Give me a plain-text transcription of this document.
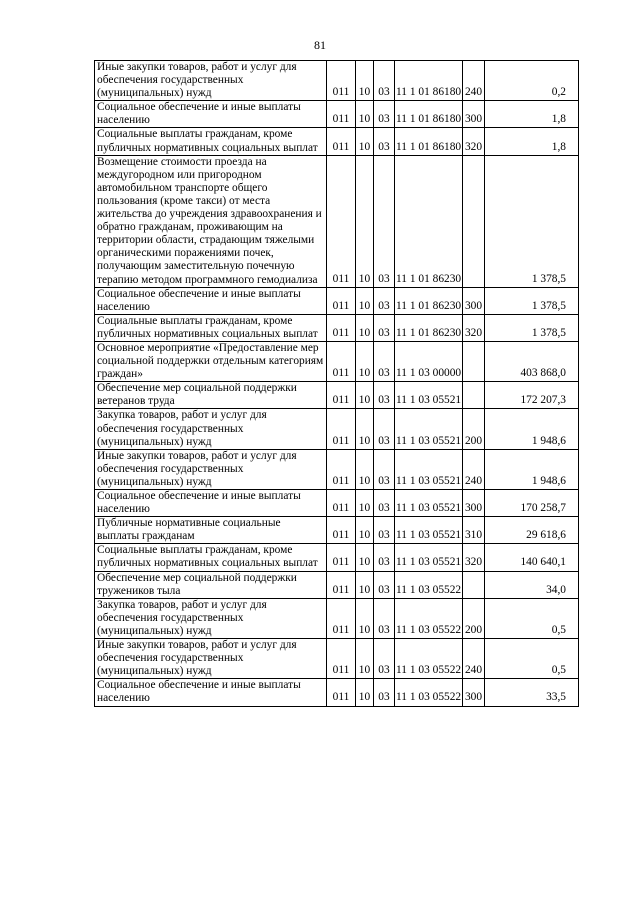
81
Иные закупки товаров, работ и услуг для обеспечения государственных (муниципальных) нужд	011	10	03	11 1 01 86180	240	0,2
Социальное обеспечение и иные выплаты населению	011	10	03	11 1 01 86180	300	1,8
Социальные выплаты гражданам, кроме публичных нормативных социальных выплат	011	10	03	11 1 01 86180	320	1,8
Возмещение стоимости проезда на междугородном или пригородном автомобильном транспорте общего пользования (кроме такси) от места жительства до учреждения здравоохранения и обратно гражданам, проживающим на территории области, страдающим тяжелыми органическими поражениями почек, получающим заместительную почечную терапию методом программного гемодиализа	011	10	03	11 1 01 86230		1 378,5
Социальное обеспечение и иные выплаты населению	011	10	03	11 1 01 86230	300	1 378,5
Социальные выплаты гражданам, кроме публичных нормативных социальных выплат	011	10	03	11 1 01 86230	320	1 378,5
Основное мероприятие «Предоставление мер социальной поддержки отдельным категориям граждан»	011	10	03	11 1 03 00000		403 868,0
Обеспечение мер социальной поддержки ветеранов труда	011	10	03	11 1 03 05521		172 207,3
Закупка товаров, работ и услуг для обеспечения государственных (муниципальных) нужд	011	10	03	11 1 03 05521	200	1 948,6
Иные закупки товаров, работ и услуг для обеспечения государственных (муниципальных) нужд	011	10	03	11 1 03 05521	240	1 948,6
Социальное обеспечение и иные выплаты населению	011	10	03	11 1 03 05521	300	170 258,7
Публичные нормативные социальные выплаты гражданам	011	10	03	11 1 03 05521	310	29 618,6
Социальные выплаты гражданам, кроме публичных нормативных социальных выплат	011	10	03	11 1 03 05521	320	140 640,1
Обеспечение мер социальной поддержки тружеников тыла	011	10	03	11 1 03 05522		34,0
Закупка товаров, работ и услуг для обеспечения государственных (муниципальных) нужд	011	10	03	11 1 03 05522	200	0,5
Иные закупки товаров, работ и услуг для обеспечения государственных (муниципальных) нужд	011	10	03	11 1 03 05522	240	0,5
Социальное обеспечение и иные выплаты населению	011	10	03	11 1 03 05522	300	33,5
